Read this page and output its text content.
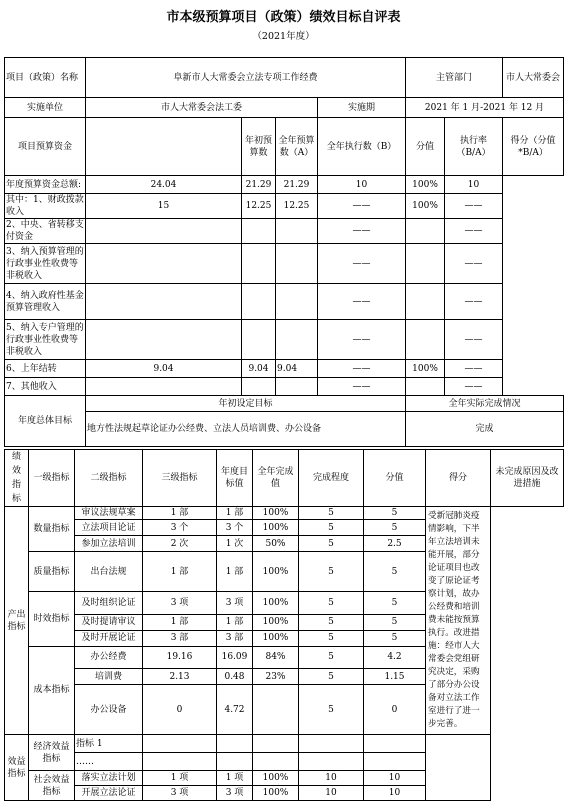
市本级预算项目（政策）绩效目标自评表
（2021年度）
项目（政策）名称	阜新市人大常委会立法专项工作经费				主管部门		市人大常委会
实施单位	市人大常委会法工委			实施期	2021 年 1 月-2021 年 12 月		
项目预算资金		年初预算数	全年预算数（A）	全年执行数（B）	分值	执行率（B/A）	得分（分值*B/A）
年度预算资金总额:	24.04	21.29	21.29	10	100%	10	
其中：1、财政拨款收入	15	12.25	12.25	——	100%	——	
2、中央、省转移支付资金				——		——	
3、纳入预算管理的行政事业性收费等非税收入				——		——	
4、纳入政府性基金预算管理收入				——		——	
5、纳入专户管理的行政事业性收费等非税收入				——		——	
6、上年结转	9.04	9.04	9.04	——	100%	——	
7、其他收入				——		——	
年度总体目标	年初设定目标				全年实际完成情况		
	地方性法规起草论证办公经费、立法人员培训费、办公设备				完成		
绩效指标	一级指标	二级指标	三级指标	年度目标值	全年完成值	完成程度	分值	得分	未完成原因及改进措施
产出指标	数量指标	审议法规草案	1 部	1 部	100%	5	5	受新冠肺炎疫情影响，下半年立法培训未能开展，部分论证项目也改变了原论证考察计划，故办公经费和培训费未能按预算执行。改进措施：经市人大常委会党组研究决定，采购了部分办公设备对立法工作室进行了进一步完善。	
		立法项目论证	3 个	3 个	100%	5	5		
		参加立法培训	2 次	1 次	50%	5	2.5		
	质量指标	出台法规	1 部	1 部	100%	5	5		
	时效指标	及时组织论证	3 项	3 项	100%	5	5		
		及时提请审议	1 部	1 部	100%	5	5		
		及时开展论证	3 部	3 部	100%	5	5		
	成本指标	办公经费	19.16	16.09	84%	5	4.2		
		培训费	2.13	0.48	23%	5	1.15		
		办公设备	0	4.72		5	0		
效益指标	经济效益指标	指标 1							
		……							
	社会效益指标	落实立法计划	1 项	1 项	100%	10	10		
		开展立法论证	3 项	3 项	100%	10	10		
